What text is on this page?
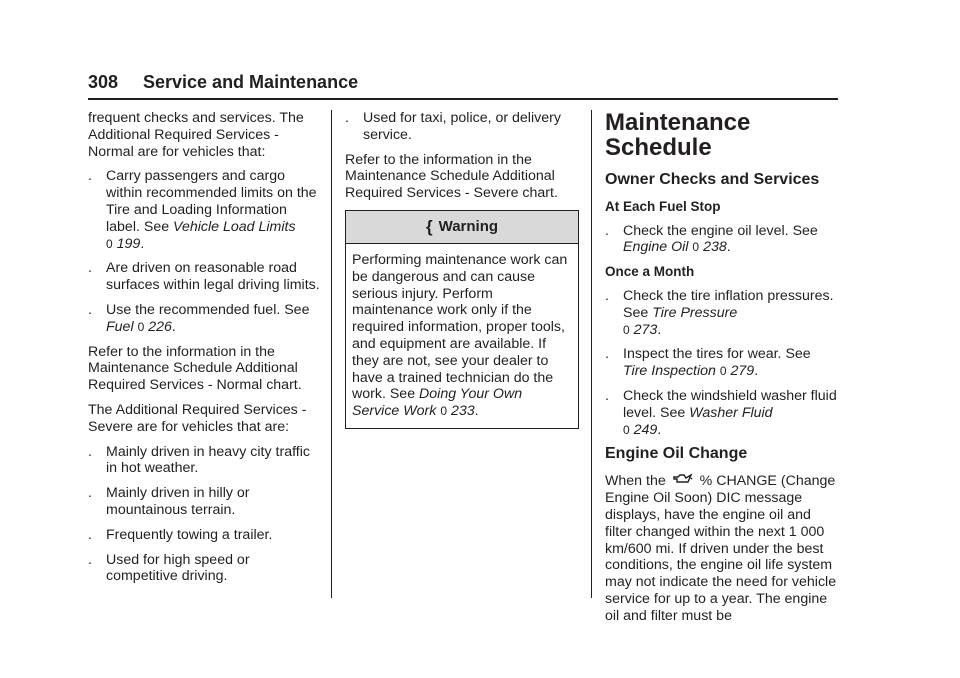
308 Service and Maintenance

frequent checks and services. The Additional Required Services - Normal are for vehicles that:

. Carry passengers and cargo within recommended limits on the Tire and Loading Information label. See Vehicle Load Limits
0 199.
. Are driven on reasonable road surfaces within legal driving limits.
. Use the recommended fuel. See
Fuel 0 226.

Refer to the information in the Maintenance Schedule Additional Required Services - Normal chart.

The Additional Required Services - Severe are for vehicles that are:

. Mainly driven in heavy city traffic in hot weather.
. Mainly driven in hilly or mountainous terrain.
. Frequently towing a trailer.
. Used for high speed or competitive driving.
. Used for taxi, police, or delivery service.

Refer to the information in the Maintenance Schedule Additional Required Services - Severe chart.

{ Warning
Performing maintenance work can be dangerous and can cause serious injury. Perform maintenance work only if the required information, proper tools, and equipment are available. If they are not, see your dealer to have a trained technician do the work. See Doing Your Own Service Work 0 233.
Maintenance Schedule
Owner Checks and Services
At Each Fuel Stop
. Check the engine oil level. See
Engine Oil 0 238.
Once a Month
. Check the tire inflation pressures. See Tire Pressure
0 273.
. Inspect the tires for wear. See
Tire Inspection 0 279.
. Check the windshield washer fluid level. See Washer Fluid
0 249.
Engine Oil Change

When the % CHANGE (Change Engine Oil Soon) DIC message displays, have the engine oil and filter changed within the next 1 000 km/600 mi. If driven under the best conditions, the engine oil life system may not indicate the need for vehicle service for up to a year. The engine oil and filter must be
